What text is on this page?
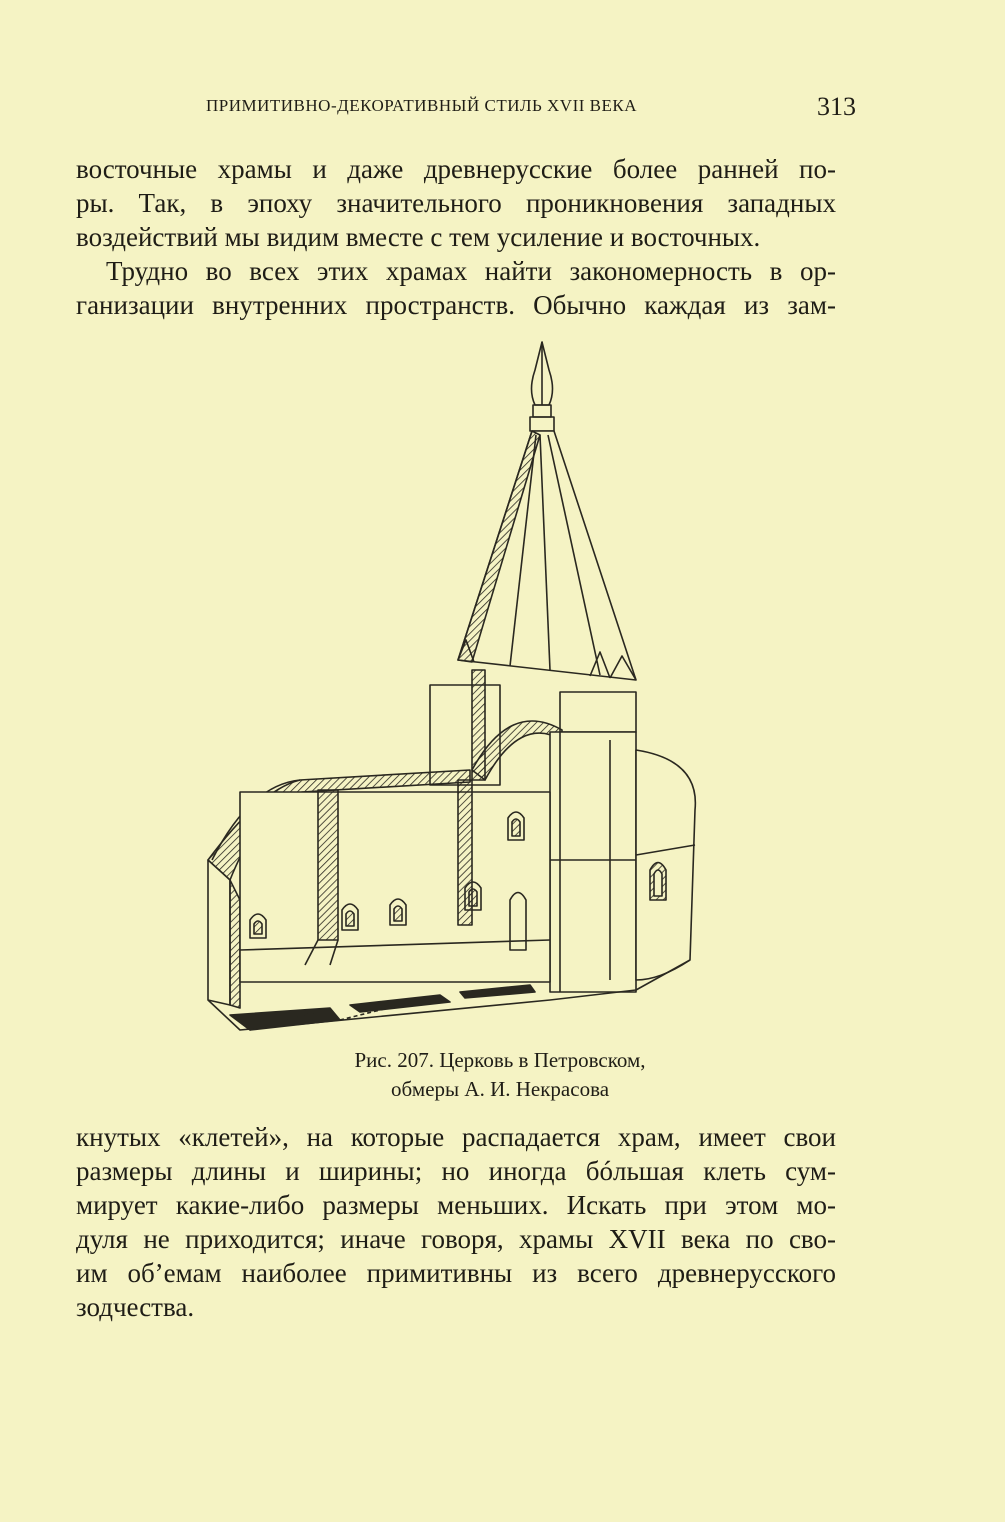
ПРИМИТИВНО-ДЕКОРАТИВНЫЙ СТИЛЬ XVII ВЕКА	313
восточные храмы и даже древнерусские более ранней по-
ры. Так, в эпоху значительного проникновения западных
воздействий мы видим вместе с тем усиление и восточных.
Трудно во всех этих храмах найти закономерность в ор-
ганизации внутренних пространств. Обычно каждая из зам-
Рис. 207. Церковь в Петровском,
обмеры А. И. Некрасова
кнутых «клетей», на которые распадается храм, имеет свои
размеры длины и ширины; но иногда бóльшая клеть сум-
мирует какие-либо размеры меньших. Искать при этом мо-
дуля не приходится; иначе говоря, храмы XVII века по сво-
им об’емам наиболее примитивны из всего древнерусского
зодчества.
